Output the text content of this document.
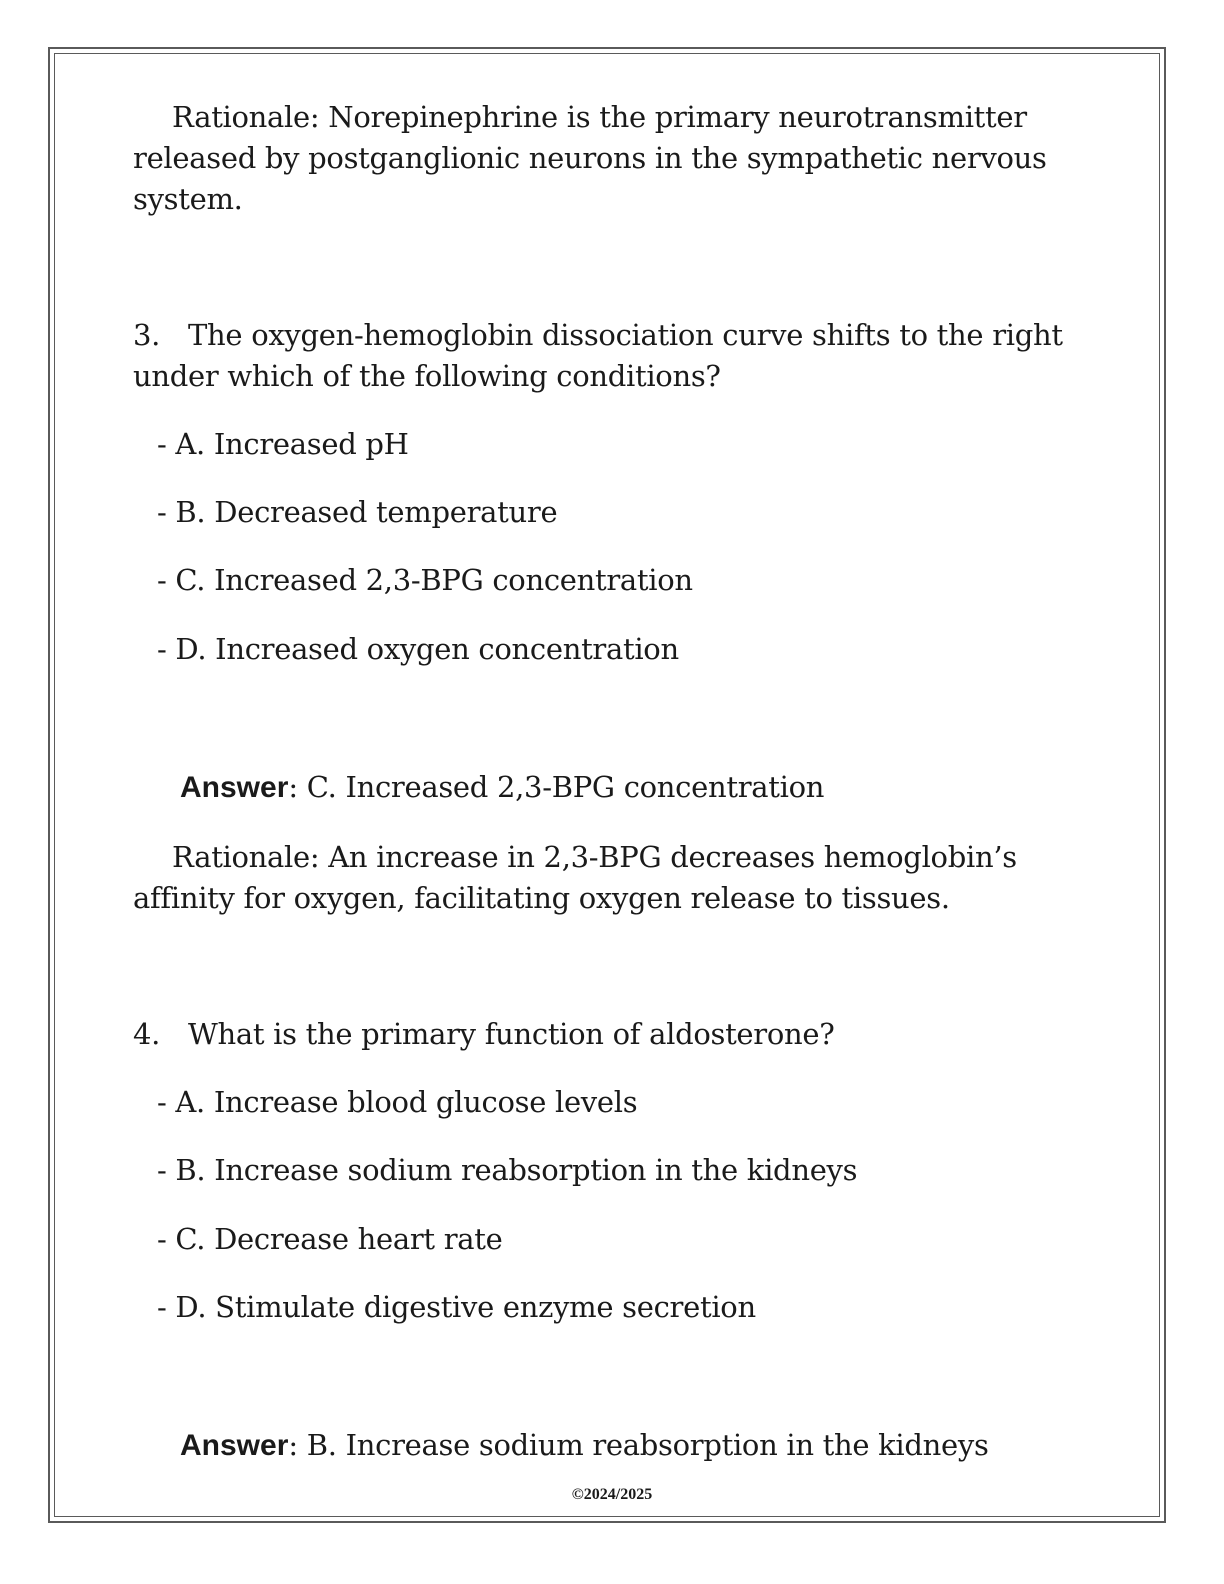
Rationale: Norepinephrine is the primary neurotransmitter
released by postganglionic neurons in the sympathetic nervous
system.
3. The oxygen-hemoglobin dissociation curve shifts to the right
under which of the following conditions?
- A. Increased pH
- B. Decreased temperature
- C. Increased 2,3-BPG concentration
- D. Increased oxygen concentration
Answer: C. Increased 2,3-BPG concentration
Rationale: An increase in 2,3-BPG decreases hemoglobin’s
affinity for oxygen, facilitating oxygen release to tissues.
4. What is the primary function of aldosterone?
- A. Increase blood glucose levels
- B. Increase sodium reabsorption in the kidneys
- C. Decrease heart rate
- D. Stimulate digestive enzyme secretion
Answer: B. Increase sodium reabsorption in the kidneys
©2024/2025
